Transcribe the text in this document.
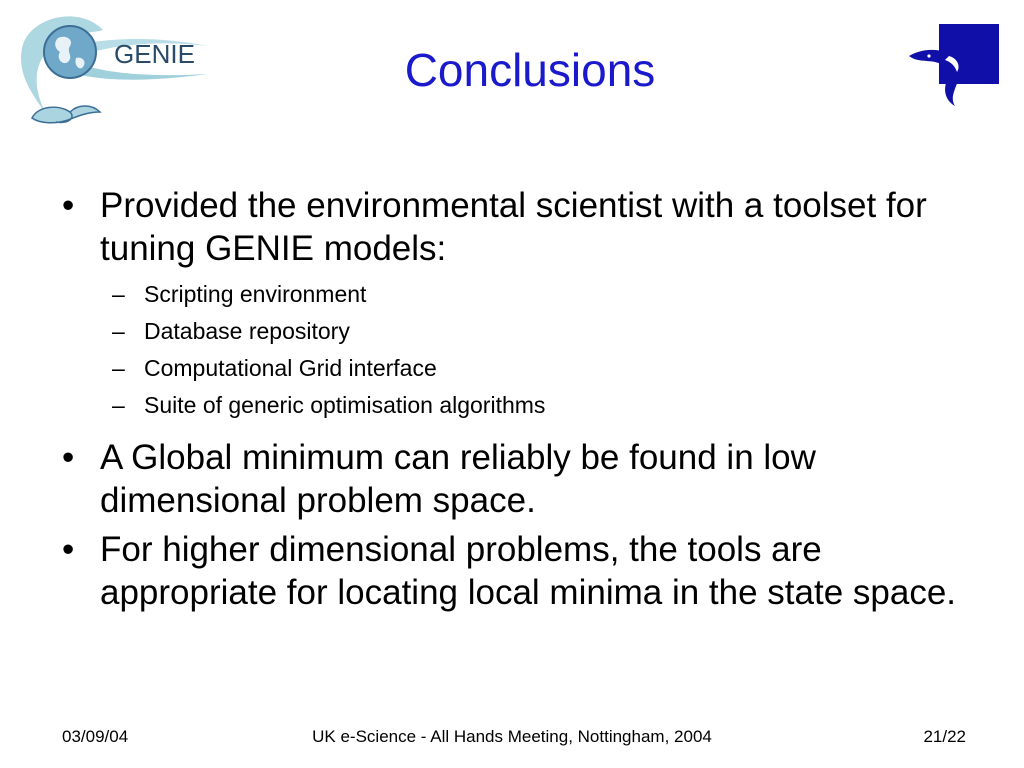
GENIE	Conclusions
• Provided the environmental scientist with a toolset for tuning GENIE models:
– Scripting environment
– Database repository
– Computational Grid interface
– Suite of generic optimisation algorithms
• A Global minimum can reliably be found in low dimensional problem space.
• For higher dimensional problems, the tools are appropriate for locating local minima in the state space.
03/09/04	UK e-Science - All Hands Meeting, Nottingham, 2004	21/22
